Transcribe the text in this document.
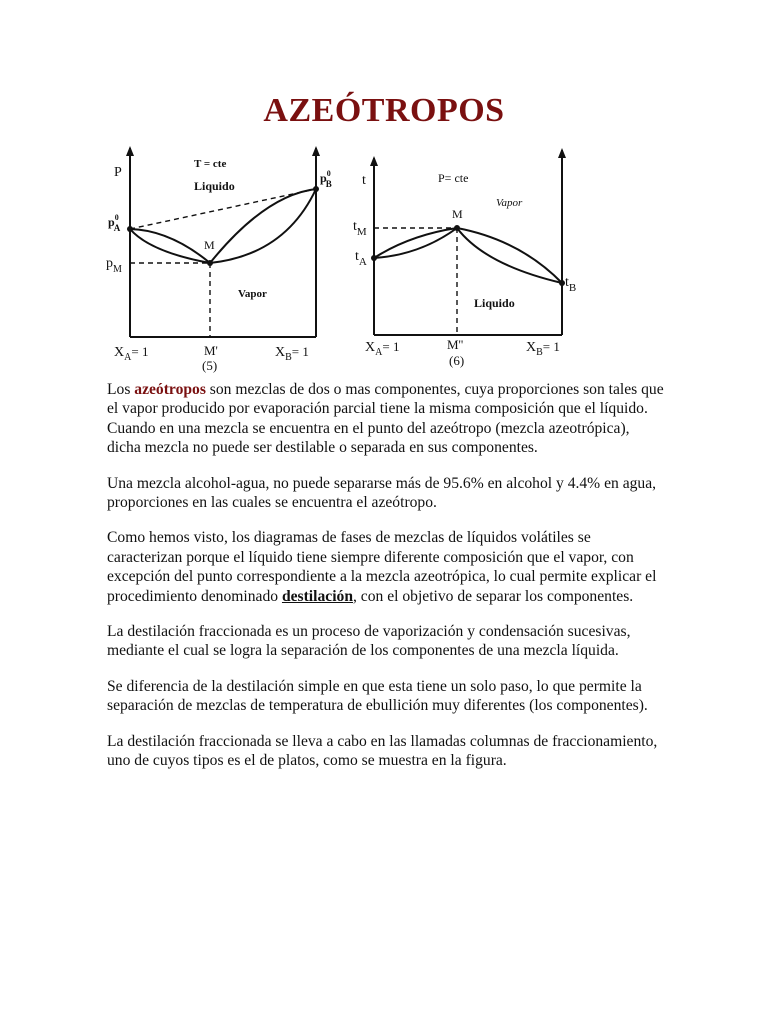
AZEÓTROPOS
P
T = cte
Liquido
$p^0$ A
$p^0$ B
$p_M$
M
Vapor
$X_A= 1$	M'
(5)
$X_B= 1$
t	P= cte
Vapor
M
$t_M$
$t_A$
$t_B$
Liquido
$X_A= 1$	M''
(6)
$X_B= 1$

Los azeótropos son mezclas de dos o mas componentes, cuya proporciones son tales que el vapor producido por evaporación parcial tiene la misma composición que el líquido. Cuando en una mezcla se encuentra en el punto del azeótropo (mezcla azeotrópica), dicha mezcla no puede ser destilable o separada en sus componentes.

Una mezcla alcohol-agua, no puede separarse más de 95.6% en alcohol y 4.4% en agua, proporciones en las cuales se encuentra el azeótropo.

Como hemos visto, los diagramas de fases de mezclas de líquidos volátiles se caracterizan porque el líquido tiene siempre diferente composición que el vapor, con excepción del punto correspondiente a la mezcla azeotrópica, lo cual permite explicar el procedimiento denominado destilación, con el objetivo de separar los componentes.

La destilación fraccionada es un proceso de vaporización y condensación sucesivas, mediante el cual se logra la separación de los componentes de una mezcla líquida.

Se diferencia de la destilación simple en que esta tiene un solo paso, lo que permite la separación de mezclas de temperatura de ebullición muy diferentes (los componentes).

La destilación fraccionada se lleva a cabo en las llamadas columnas de fraccionamiento, uno de cuyos tipos es el de platos, como se muestra en la figura.
